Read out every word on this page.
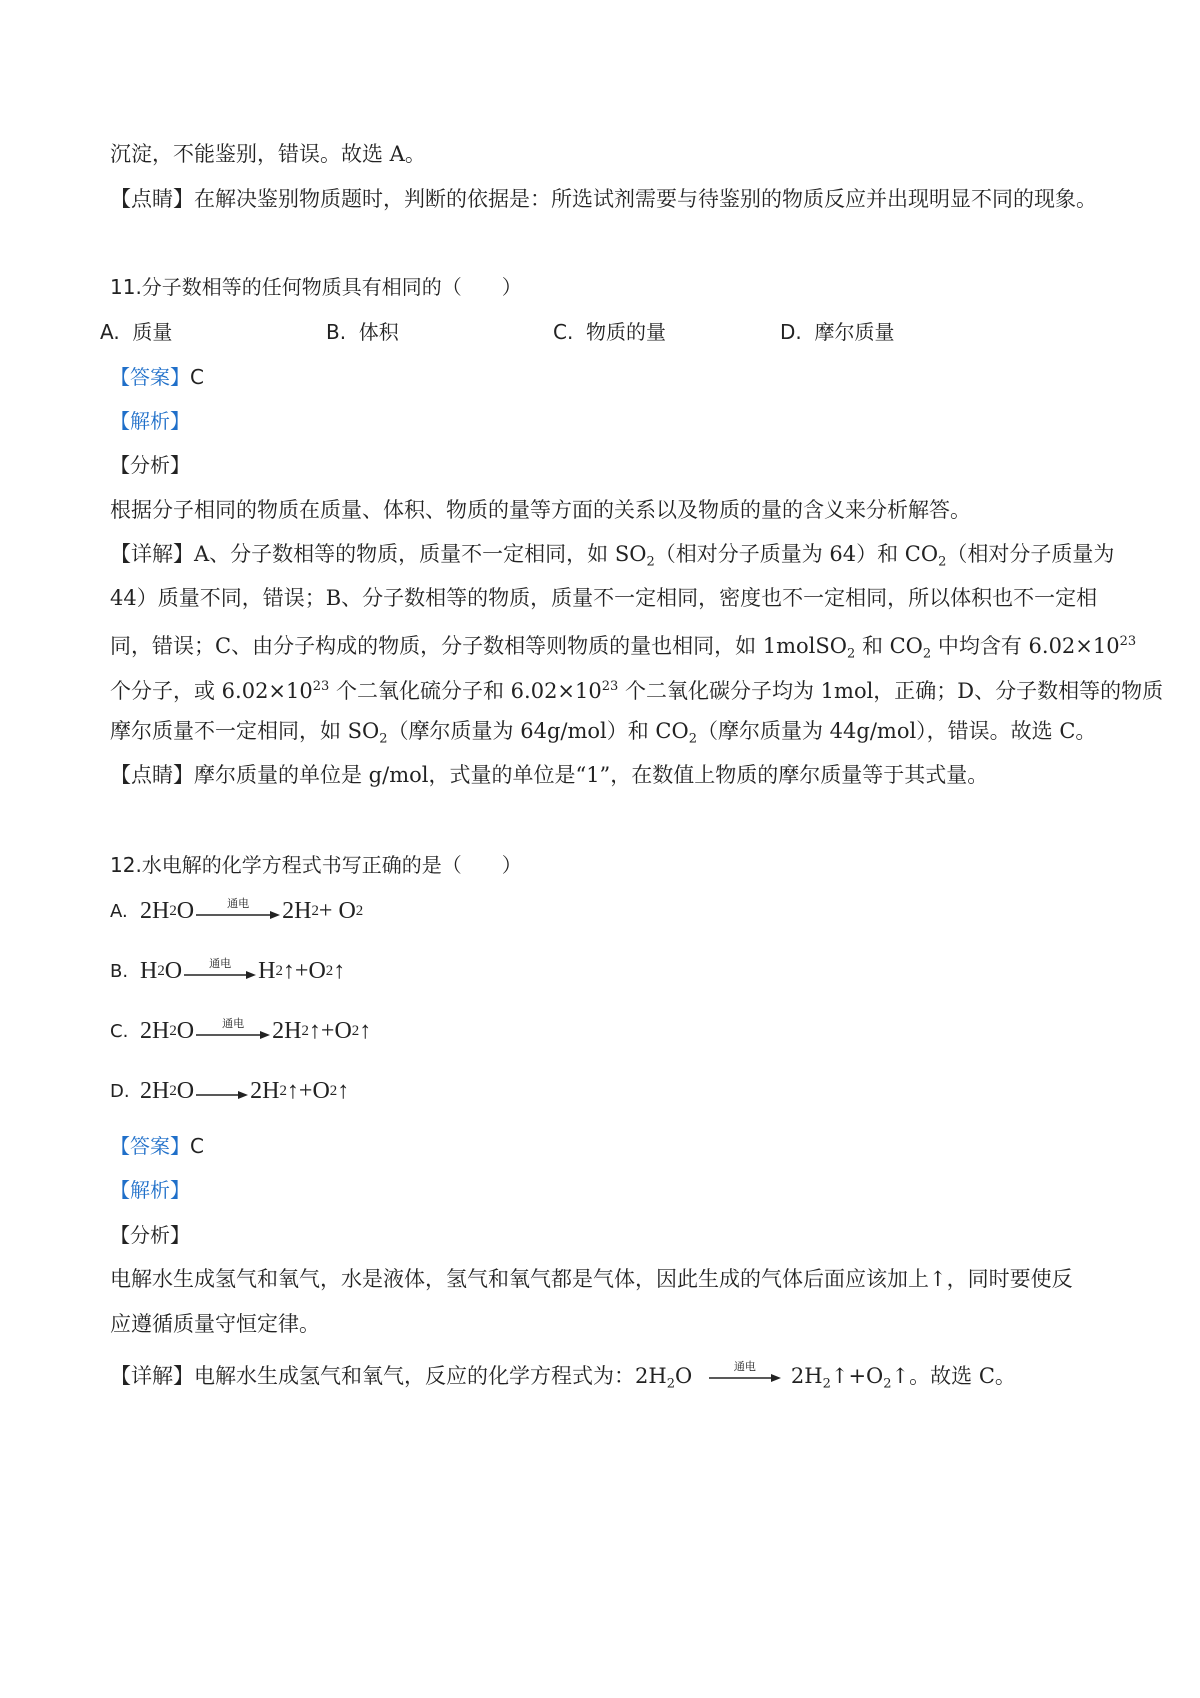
沉淀，不能鉴别，错误。故选 A。
【点睛】在解决鉴别物质题时，判断的依据是：所选试剂需要与待鉴别的物质反应并出现明显不同的现象。
11.分子数相等的任何物质具有相同的（　　）
A. 质量	B. 体积	C. 物质的量	D. 摩尔质量
【答案】C
【解析】
【分析】
根据分子相同的物质在质量、体积、物质的量等方面的关系以及物质的量的含义来分析解答。
【详解】A、分子数相等的物质，质量不一定相同，如 $SO_2$（相对分子质量为 64）和 $CO_2$（相对分子质量为
44）质量不同，错误；B、分子数相等的物质，质量不一定相同，密度也不一定相同，所以体积也不一定相
同，错误；C、由分子构成的物质，分子数相等则物质的量也相同，如 1molSO$_2$ 和 $CO_2$ 中均含有 $6.02\times 10^{23}$
个分子，或 $6.02\times 10^{23}$ 个二氧化硫分子和 $6.02\times 10^{23}$ 个二氧化碳分子均为 1mol，正确；D、分子数相等的物质
摩尔质量不一定相同，如 $SO_2$（摩尔质量为 64g/mol）和 $CO_2$（摩尔质量为 44g/mol），错误。故选 C。
【点睛】摩尔质量的单位是 g/mol，式量的单位是“1”，在数值上物质的摩尔质量等于其式量。
12.水电解的化学方程式书写正确的是（　　）
A. 2H 2 O	通电 2H 2 + O 2
B. H 2 O 通电 H 2 ↑+O 2 ↑
C. 2H 2 O	通电 2H 2 ↑+O 2 ↑
D. 2H 2 O → 2H 2 ↑+O 2 ↑
【答案】C
【解析】
【分析】
电解水生成氢气和氧气，水是液体，氢气和氧气都是气体，因此生成的气体后面应该加上↑，同时要使反
应遵循质量守恒定律。
【详解】电解水生成氢气和氧气，反应的化学方程式为：$2H_2O$	通电 $2H_2↑+O_2↑$。故选 C。
